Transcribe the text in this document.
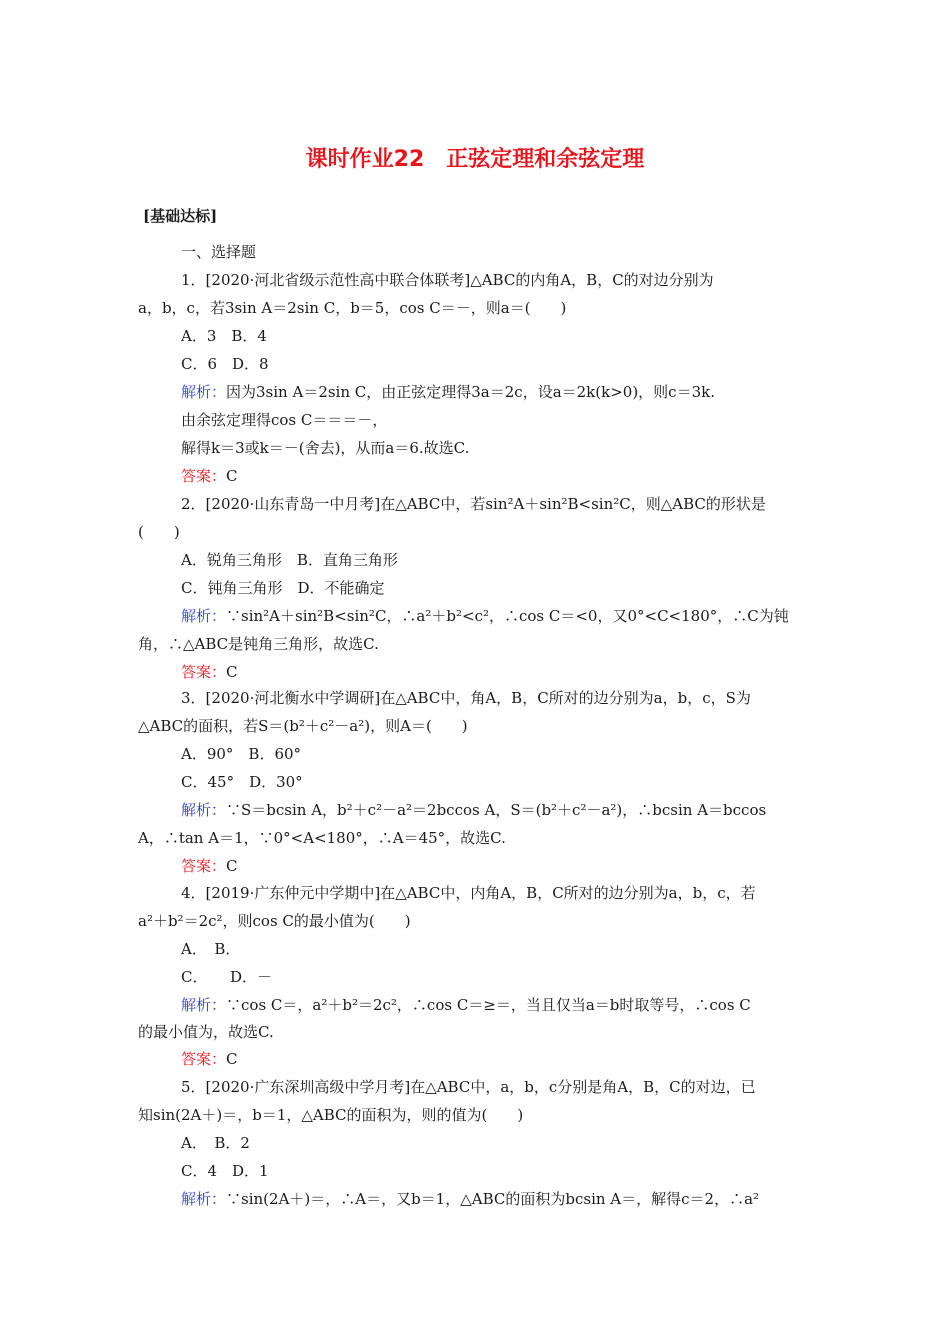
课时作业22 正弦定理和余弦定理
[基础达标]
一、选择题
1．[2020·河北省级示范性高中联合体联考]△ABC的内角A，B，C的对边分别为
a，b，c，若3sin A＝2sin C，b＝5，cos C＝－，则a＝(　　)
A．3　B．4
C．6　D．8
解析：因为3sin A＝2sin C，由正弦定理得3a＝2c，设a＝2k(k>0)，则c＝3k.
由余弦定理得cos C＝＝＝－，
解得k＝3或k＝－(舍去)，从而a＝6.故选C.
答案：C
2．[2020·山东青岛一中月考]在△ABC中，若sin²A＋sin²B<sin²C，则△ABC的形状是
(　　)
A．锐角三角形　B．直角三角形
C．钝角三角形　D．不能确定
解析：∵sin²A＋sin²B<sin²C，∴a²＋b²<c²，∴cos C＝<0，又0°<C<180°，∴C为钝
角，∴△ABC是钝角三角形，故选C.
答案：C
3．[2020·河北衡水中学调研]在△ABC中，角A，B，C所对的边分别为a，b，c，S为
△ABC的面积，若S＝(b²＋c²－a²)，则A＝(　　)
A．90°　B．60°
C．45°　D．30°
解析：∵S＝bcsin A，b²＋c²－a²＝2bccos A，S＝(b²＋c²－a²)，∴bcsin A＝bccos
A，∴tan A＝1，∵0°<A<180°，∴A＝45°，故选C.
答案：C
4．[2019·广东仲元中学期中]在△ABC中，内角A，B，C所对的边分别为a，b，c，若
a²＋b²＝2c²，则cos C的最小值为(　　)
A．　B．
C．　　D．－
解析：∵cos C＝，a²＋b²＝2c²，∴cos C＝≥＝，当且仅当a＝b时取等号，∴cos C
的最小值为，故选C.
答案：C
5．[2020·广东深圳高级中学月考]在△ABC中，a，b，c分别是角A，B，C的对边，已
知sin(2A＋)＝，b＝1，△ABC的面积为，则的值为(　　)
A．　B．2
C．4　D．1
解析：∵sin(2A＋)＝，∴A＝，又b＝1，△ABC的面积为bcsin A＝，解得c＝2，∴a²
